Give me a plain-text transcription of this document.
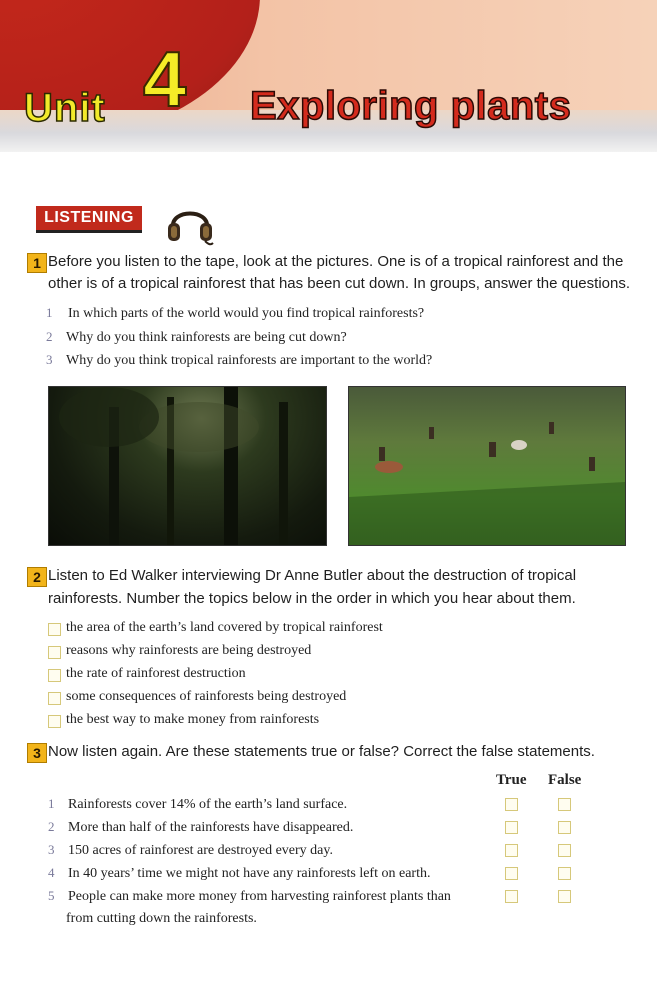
Unit 4 Exploring plants
LISTENING
1 Before you listen to the tape, look at the pictures. One is of a tropical rainforest and the
other is of a tropical rainforest that has been cut down. In groups, answer the questions.
1 In which parts of the world would you find tropical rainforests?
2 Why do you think rainforests are being cut down?
3 Why do you think tropical rainforests are important to the world?
2 Listen to Ed Walker interviewing Dr Anne Butler about the destruction of tropical
rainforests. Number the topics below in the order in which you hear about them.
the area of the earth’s land covered by tropical rainforest
reasons why rainforests are being destroyed
the rate of rainforest destruction
some consequences of rainforests being destroyed
the best way to make money from rainforests
3 Now listen again. Are these statements true or false? Correct the false statements.
True False
1 Rainforests cover 14% of the earth’s land surface.
2 More than half of the rainforests have disappeared.
3 150 acres of rainforest are destroyed every day.
4 In 40 years’ time we might not have any rainforests left on earth.
5 People can make more money from harvesting rainforest plants than
from cutting down the rainforests.
